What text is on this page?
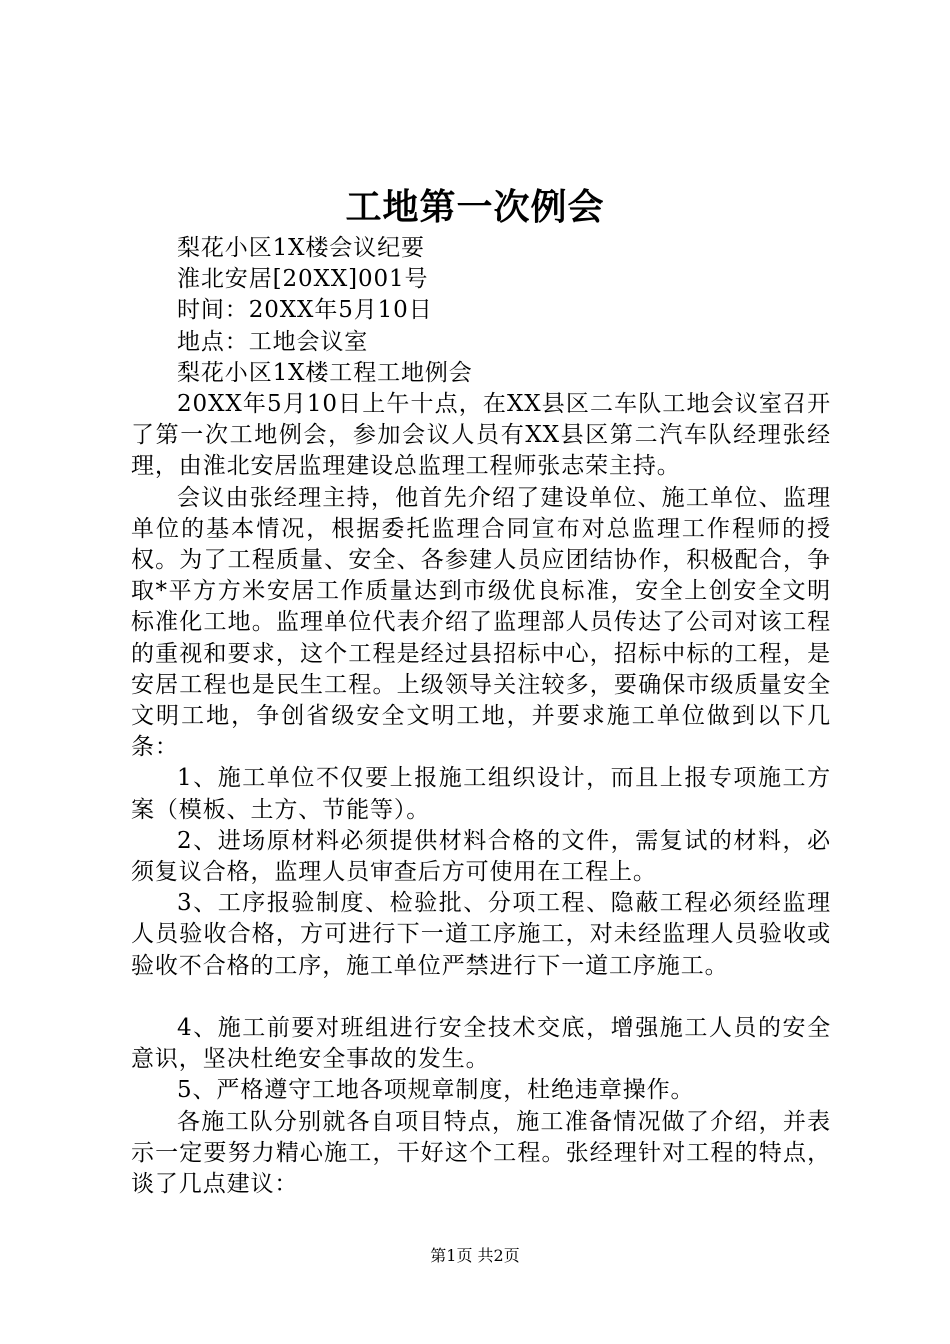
工地第一次例会

梨花小区1X楼会议纪要

淮北安居[20XX]001号

时间：20XX年5月10日

地点：工地会议室

梨花小区1X楼工程工地例会

20XX年5月10日上午十点，在XX县区二车队工地会议室召开了第一次工地例会，参加会议人员有XX县区第二汽车队经理张经理，由淮北安居监理建设总监理工程师张志荣主持。

会议由张经理主持，他首先介绍了建设单位、施工单位、监理单位的基本情况，根据委托监理合同宣布对总监理工作程师的授权。为了工程质量、安全、各参建人员应团结协作，积极配合，争取*平方方米安居工作质量达到市级优良标准，安全上创安全文明标准化工地。监理单位代表介绍了监理部人员传达了公司对该工程的重视和要求，这个工程是经过县招标中心，招标中标的工程，是安居工程也是民生工程。上级领导关注较多，要确保市级质量安全文明工地，争创省级安全文明工地，并要求施工单位做到以下几条：

1、施工单位不仅要上报施工组织设计，而且上报专项施工方案（模板、土方、节能等）。

2、进场原材料必须提供材料合格的文件，需复试的材料，必须复议合格，监理人员审查后方可使用在工程上。

3、工序报验制度、检验批、分项工程、隐蔽工程必须经监理人员验收合格，方可进行下一道工序施工，对未经监理人员验收或验收不合格的工序，施工单位严禁进行下一道工序施工。

4、施工前要对班组进行安全技术交底，增强施工人员的安全意识，坚决杜绝安全事故的发生。

5、严格遵守工地各项规章制度，杜绝违章操作。

各施工队分别就各自项目特点，施工准备情况做了介绍，并表示一定要努力精心施工，干好这个工程。张经理针对工程的特点，谈了几点建议：

第1页 共2页
